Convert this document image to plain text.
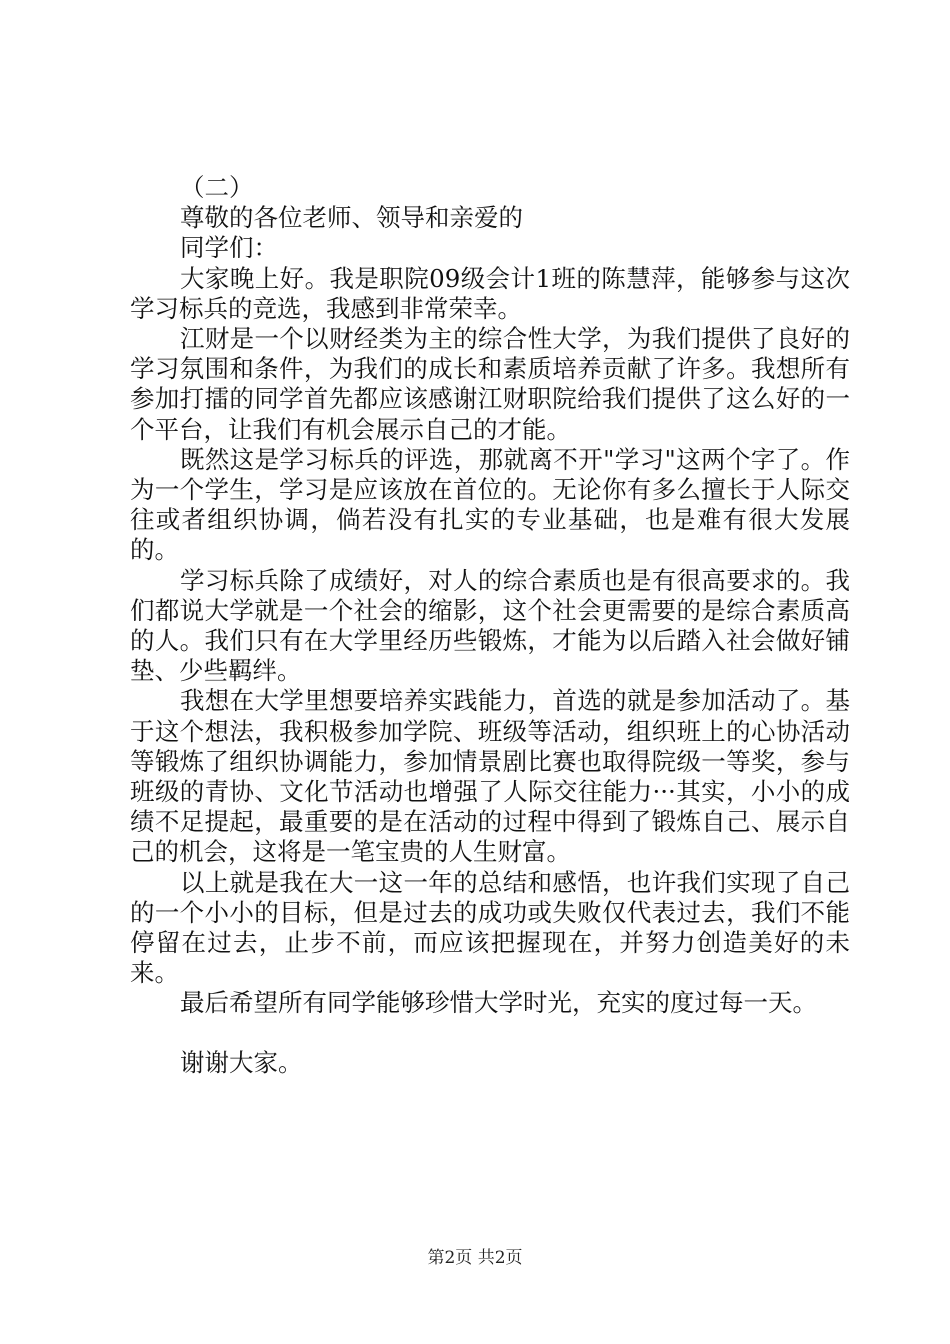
（二）
尊敬的各位老师、领导和亲爱的
同学们：
大家晚上好。我是职院09级会计1班的陈慧萍，能够参与这次学习标兵的竞选，我感到非常荣幸。
江财是一个以财经类为主的综合性大学，为我们提供了良好的学习氛围和条件，为我们的成长和素质培养贡献了许多。我想所有参加打擂的同学首先都应该感谢江财职院给我们提供了这么好的一个平台，让我们有机会展示自己的才能。
既然这是学习标兵的评选，那就离不开"学习"这两个字了。作为一个学生，学习是应该放在首位的。无论你有多么擅长于人际交往或者组织协调，倘若没有扎实的专业基础，也是难有很大发展的。
学习标兵除了成绩好，对人的综合素质也是有很高要求的。我们都说大学就是一个社会的缩影，这个社会更需要的是综合素质高的人。我们只有在大学里经历些锻炼，才能为以后踏入社会做好铺垫、少些羁绊。
我想在大学里想要培养实践能力，首选的就是参加活动了。基于这个想法，我积极参加学院、班级等活动，组织班上的心协活动等锻炼了组织协调能力，参加情景剧比赛也取得院级一等奖，参与班级的青协、文化节活动也增强了人际交往能力···其实，小小的成绩不足提起，最重要的是在活动的过程中得到了锻炼自己、展示自己的机会，这将是一笔宝贵的人生财富。
以上就是我在大一这一年的总结和感悟，也许我们实现了自己的一个小小的目标，但是过去的成功或失败仅代表过去，我们不能停留在过去，止步不前，而应该把握现在，并努力创造美好的未来。
最后希望所有同学能够珍惜大学时光，充实的度过每一天。
谢谢大家。
第2页 共2页
